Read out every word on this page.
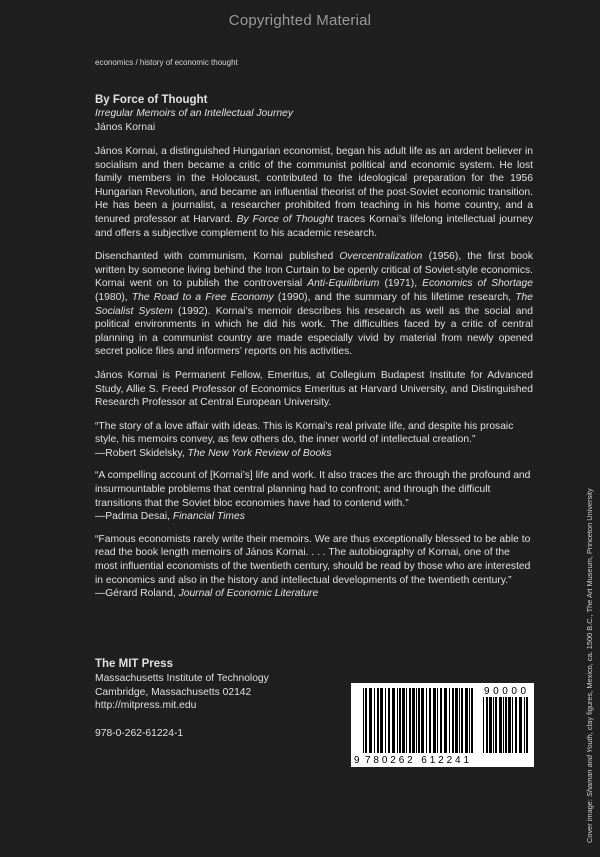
Copyrighted Material
economics / history of economic thought
By Force of Thought
Irregular Memoirs of an Intellectual Journey
János Kornai

János Kornai, a distinguished Hungarian economist, began his adult life as an ardent believer in socialism and then became a critic of the communist political and economic system. He lost family members in the Holocaust, contributed to the ideological preparation for the 1956 Hungarian Revolution, and became an influential theorist of the post-Soviet economic transition. He has been a journalist, a researcher prohibited from teaching in his home country, and a tenured professor at Harvard. By Force of Thought traces Kornai’s lifelong intellectual journey and offers a subjective complement to his academic research.

Disenchanted with communism, Kornai published Overcentralization (1956), the first book written by someone living behind the Iron Curtain to be openly critical of Soviet-style economics. Kornai went on to publish the controversial Anti-Equilibrium (1971), Economics of Shortage (1980), The Road to a Free Economy (1990), and the summary of his lifetime research, The Socialist System (1992). Kornai’s memoir describes his research as well as the social and political environments in which he did his work. The difficulties faced by a critic of central planning in a communist country are made especially vivid by material from newly opened secret police files and informers’ reports on his activities.

János Kornai is Permanent Fellow, Emeritus, at Collegium Budapest Institute for Advanced Study, Allie S. Freed Professor of Economics Emeritus at Harvard University, and Distinguished Research Professor at Central European University.

“The story of a love affair with ideas. This is Kornai’s real private life, and despite his prosaic style, his memoirs convey, as few others do, the inner world of intellectual creation.”
—Robert Skidelsky, The New York Review of Books
“A compelling account of [Kornai’s] life and work. It also traces the arc through the profound and insurmountable problems that central planning had to confront; and through the difficult transitions that the Soviet bloc economies have had to contend with.”
—Padma Desai, Financial Times
“Famous economists rarely write their memoirs. We are thus exceptionally blessed to be able to read the book length memoirs of János Kornai. . . . The autobiography of Kornai, one of the most influential economists of the twentieth century, should be read by those who are interested in economics and also in the history and intellectual developments of the twentieth century.”
—Gérard Roland, Journal of Economic Literature
The MIT Press
Massachusetts Institute of Technology
Cambridge, Massachusetts 02142
http://mitpress.mit.edu
978-0-262-61224-1
9 780262 612241
90000
Cover image: Shaman and Youth, clay figures, Mexico, ca. 1500 B.C., The Art Museum, Princeton University
